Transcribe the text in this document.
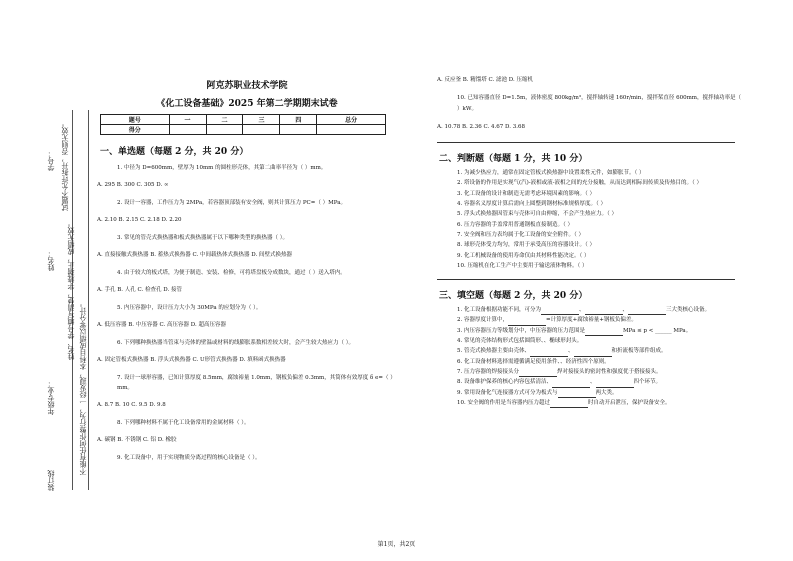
学号：
姓名：
年级专业：
试题不允许拆开，否则无效。
姓名、学号填写清楚，字迹端正，成绩无效。
不能有任何作弊行为，一经发现，本科目成绩以零分计。
装订线
阿克苏职业技术学院
《化工设备基础》2025 年第二学期期末试卷
题号	一	二	三	四	总分
得分					
一、单选题（每题 2 分，共 20 分）
1. 中径为 D=600mm，壁厚为 10mm 的圆柱形壳体，其第二曲率半径为（ ）mm。
A. 295 B. 300 C. 305 D. ∞
2. 设计一容器，工作压力为 2MPa，若容器顶部装有安全阀，则其计算压力 PC=（ ）MPa。
A. 2.10 B. 2.15 C. 2.18 D. 2.20
3. 常见的管壳式换热器和板式换热器属于以下哪种类型的换热器（ ）。
A. 直接接触式换热器 B. 蓄热式换热器 C. 中间载热体式换热器 D. 间壁式换热器
4. 由于较大的板式塔，为便于制造、安装、检修，可将塔盘板分成数块，通过（ ）送入塔内。
A. 手孔 B. 人孔 C. 检查孔 D. 接管
5. 内压容器中，设计压力大小为 30MPa 的应划分为（ ）。
A. 低压容器 B. 中压容器 C. 高压容器 D. 超高压容器
6. 下列哪种换热器当管束与壳体的壁温或材料的线膨胀系数相差较大时，会产生较大热应力（ ）。
A. 固定管板式换热器 B. 浮头式换热器 C. U形管式换热器 D. 填料函式换热器
7. 设计一球形容器，已知计算厚度 8.5mm，腐蚀裕量 1.0mm，钢板负偏差 0.3mm，其筒体有效厚度 δ e=（ ）mm。
A. 8.7 B. 10 C. 9.5 D. 9.8
8. 下列哪种材料不属于化工设备常用的金属材料（ ）。
A. 碳钢 B. 不锈钢 C. 铝 D. 橡胶
9. 化工设备中，用于实现物质分离过程的核心设备是（ ）。
A. 反应釜 B. 精馏塔 C. 滤池 D. 压缩机
10. 已知容器直径 D=1.5m，液体密度 800kg/m³，搅拌轴转速 160r/min，搅拌桨直径 600mm，搅拌轴功率是（ ）kW。
A. 10.78 B. 2.36 C. 4.67 D. 3.68
二、判断题（每题 1 分，共 10 分）
1. 为减少热应力，通常在固定管板式换热器中设置柔性元件，如膨胀节。（ ）
2. 塔设备的作用是实现气(汽)-液相或液-液相之间的充分接触，从而达到相际间传质及传热目的。（ ）
3. 化工设备的设计和制造无需考虑环境因素的影响。（ ）
4. 容器名义厚度计算后需向上圆整到钢材标准规格厚度。（ ）
5. 浮头式换热器因管束与壳体可自由伸缩，不会产生热应力。（ ）
6. 压力容器的手盖常用普通钢板直接制造。（ ）
7. 安全阀和压力表均属于化工设备的安全附件。（ ）
8. 球形壳体受力均匀，常用于承受高压的容器设计。（ ）
9. 化工机械设备的使用寿命仅由其材料性能决定。（ ）
10. 压缩机在化工生产中主要用于输送液体物料。（ ）
三、填空题（每题 2 分，共 20 分）
1. 化工设备根据功能不同，可分为	、	、	三大类核心设备。
2. 容器厚度计算中，	=计算厚度+腐蚀裕量+钢板负偏差。
3. 内压容器压力等级划分中，中压容器的压力范围是	MPa ≤ p < ______ MPa。
4. 常见的壳体结构形式包括圆筒形、、椭球形封头。
5. 管壳式换热器主要由壳体、	、	和折流板等部件组成。
6. 化工设备材料选择需遵循满足使用条件、、经济性四个原则。
7. 压力容器的焊接接头分	焊对接接头的密封性和强度优于搭接接头。
8. 设备维护保养的核心内容包括清洁、	、	四个环节。
9. 常用设备化气连接器方式可分为板式与	两大类。
10. 安全阀的作用是当容器内压力超过	时自动开启泄压，保护设备安全。
第1页，共2页
